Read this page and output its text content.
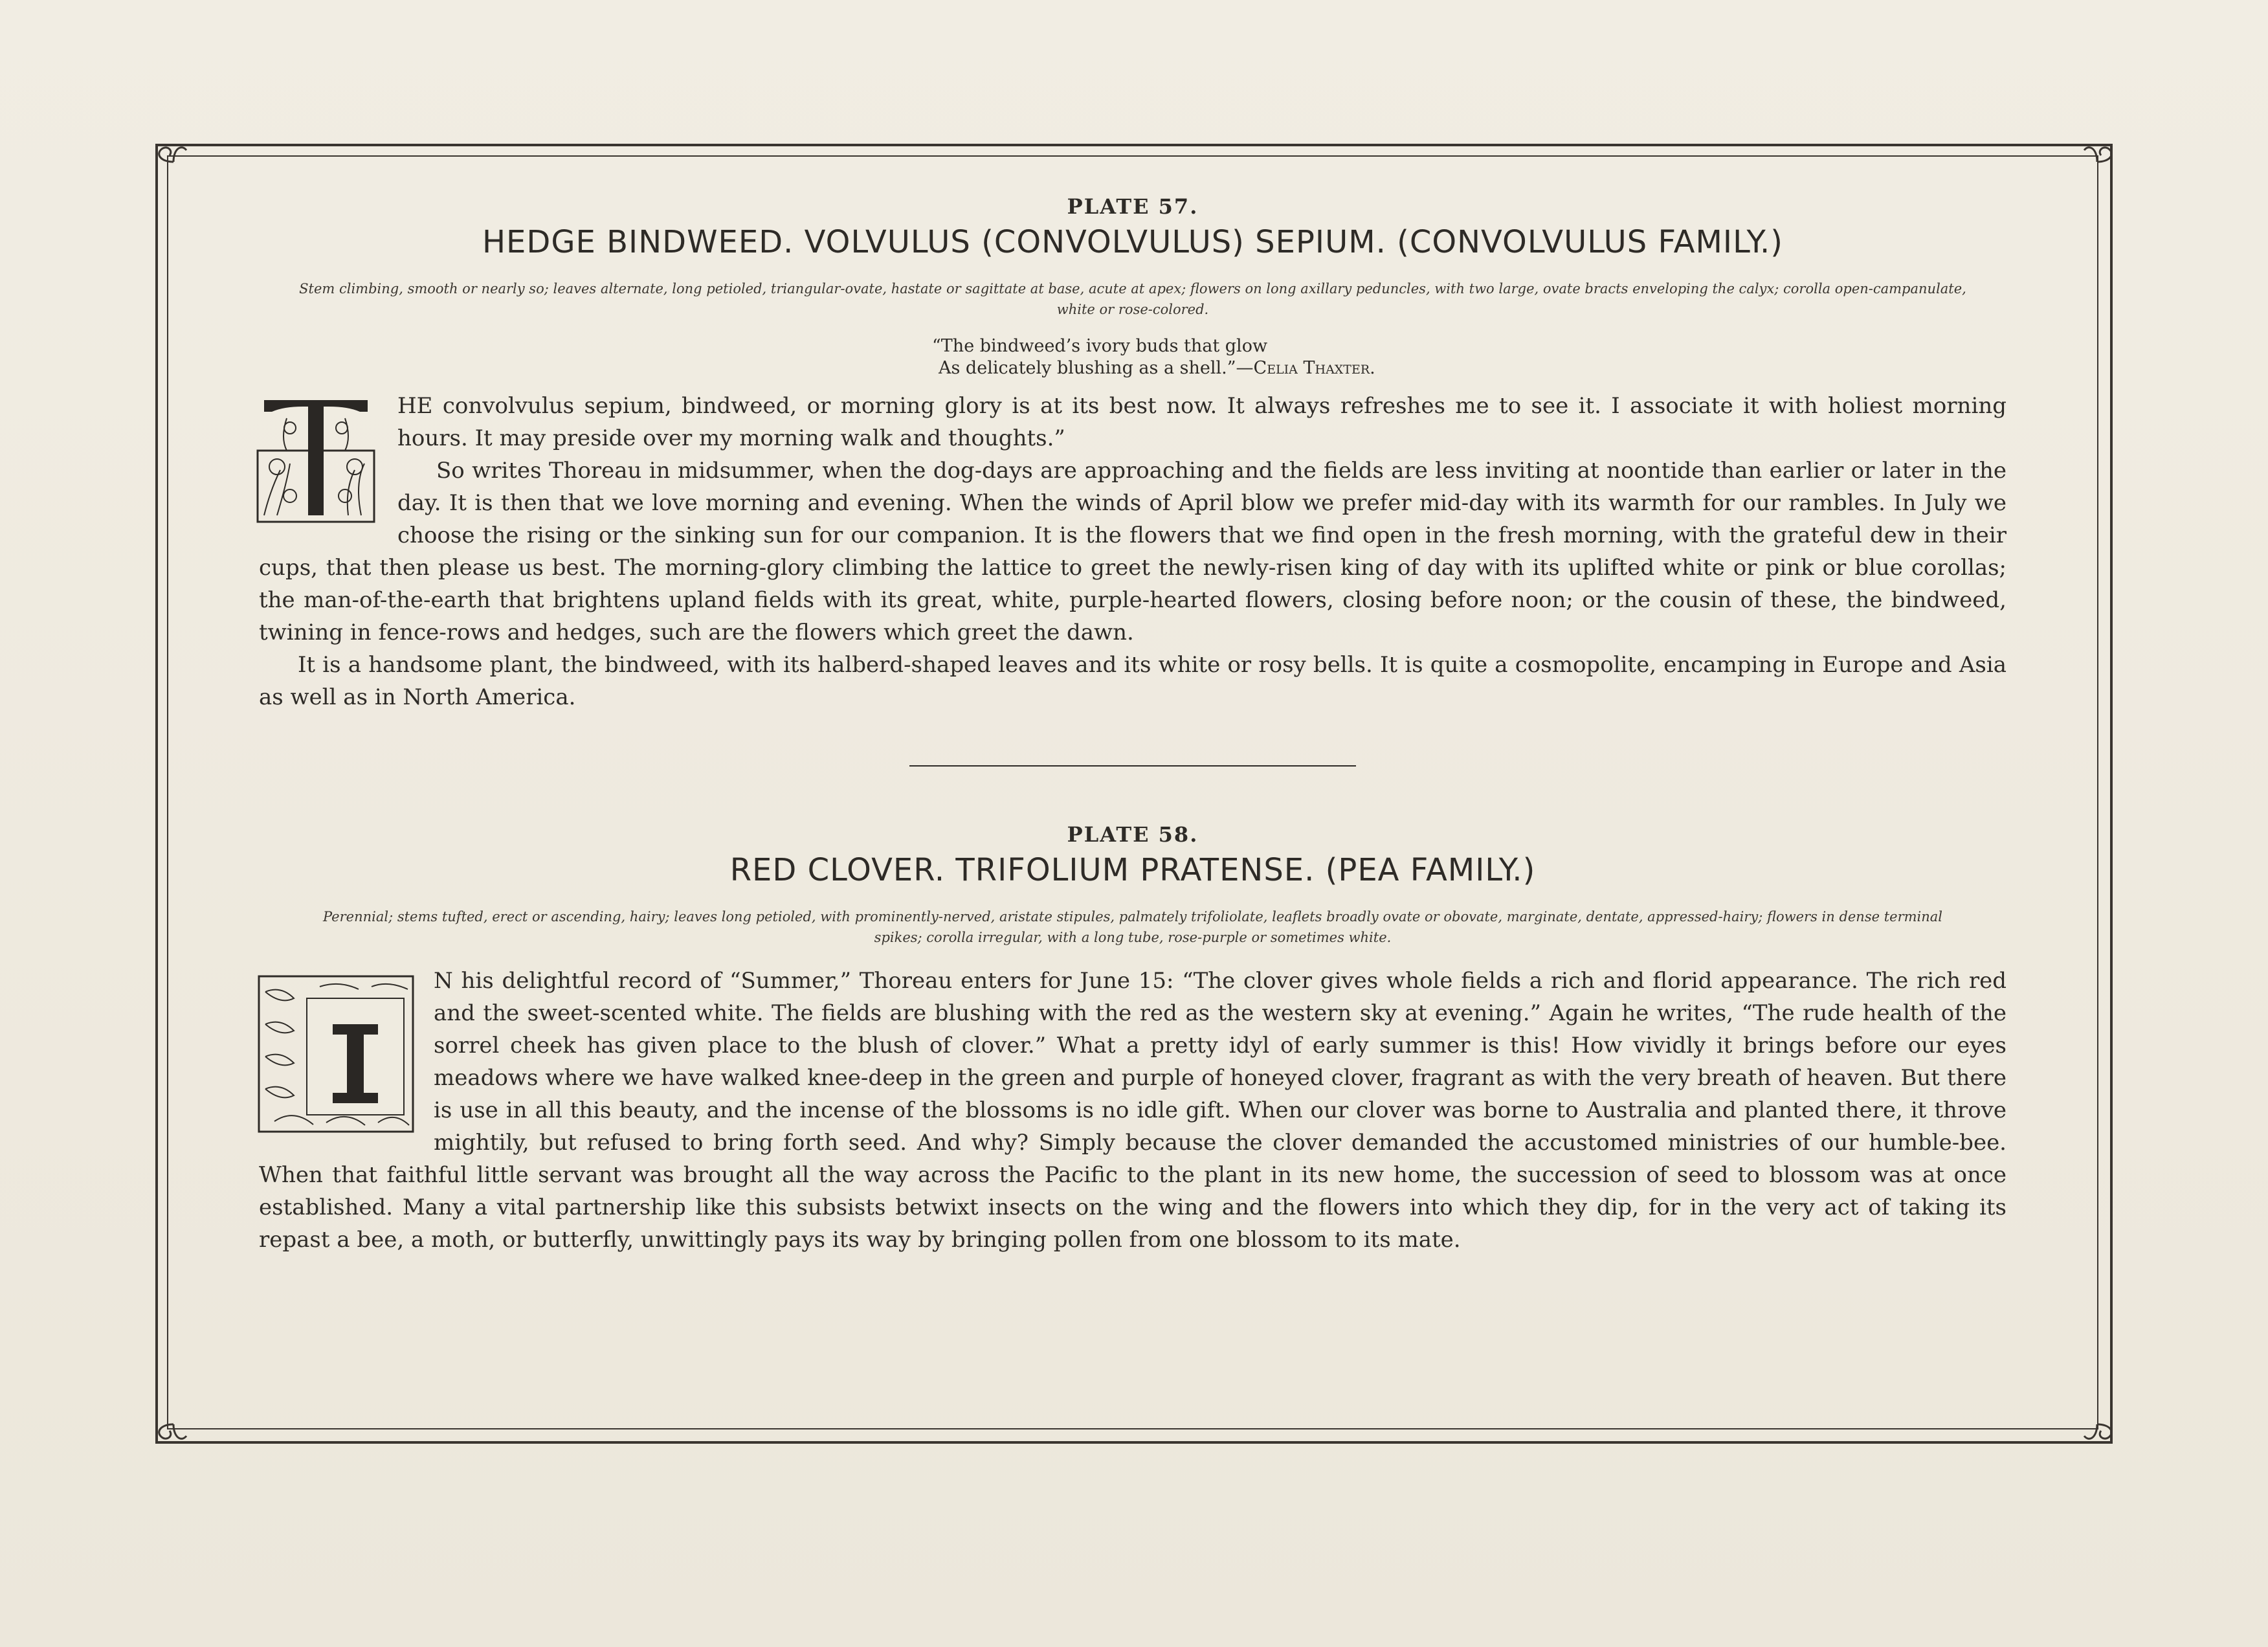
PLATE 57.
HEDGE BINDWEED. VOLVULUS (CONVOLVULUS) SEPIUM. (CONVOLVULUS FAMILY.)
Stem climbing, smooth or nearly so; leaves alternate, long petioled, triangular-ovate, hastate or sagittate at base, acute at apex; flowers on long axillary peduncles, with two large, ovate bracts enveloping the calyx; corolla open-campanulate, white or rose-colored.
“The bindweed’s ivory buds that glow
As delicately blushing as a shell.”—Celia Thaxter.

HE convolvulus sepium, bindweed, or morning glory is at its best now. It always refreshes me to see it. I associate it with holiest morning hours. It may preside over my morning walk and thoughts.”

So writes Thoreau in midsummer, when the dog-days are approaching and the fields are less inviting at noontide than earlier or later in the day. It is then that we love morning and evening. When the winds of April blow we prefer mid-day with its warmth for our rambles. In July we choose the rising or the sinking sun for our companion. It is the flowers that we find open in the fresh morning, with the grateful dew in their cups, that then please us best. The morning-glory climbing the lattice to greet the newly-risen king of day with its uplifted white or pink or blue corollas; the man-of-the-earth that brightens upland fields with its great, white, purple-hearted flowers, closing before noon; or the cousin of these, the bindweed, twining in fence-rows and hedges, such are the flowers which greet the dawn.

It is a handsome plant, the bindweed, with its halberd-shaped leaves and its white or rosy bells. It is quite a cosmopolite, encamping in Europe and Asia as well as in North America.

PLATE 58.
RED CLOVER. TRIFOLIUM PRATENSE. (PEA FAMILY.)
Perennial; stems tufted, erect or ascending, hairy; leaves long petioled, with prominently-nerved, aristate stipules, palmately trifoliolate, leaflets broadly ovate or obovate, marginate, dentate, appressed-hairy; flowers in dense terminal spikes; corolla irregular, with a long tube, rose-purple or sometimes white.

N his delightful record of “Summer,” Thoreau enters for June 15: “The clover gives whole fields a rich and florid appearance. The rich red and the sweet-scented white. The fields are blushing with the red as the western sky at evening.” Again he writes, “The rude health of the sorrel cheek has given place to the blush of clover.” What a pretty idyl of early summer is this! How vividly it brings before our eyes meadows where we have walked knee-deep in the green and purple of honeyed clover, fragrant as with the very breath of heaven. But there is use in all this beauty, and the incense of the blossoms is no idle gift. When our clover was borne to Australia and planted there, it throve mightily, but refused to bring forth seed. And why? Simply because the clover demanded the accustomed ministries of our humble-bee. When that faithful little servant was brought all the way across the Pacific to the plant in its new home, the succession of seed to blossom was at once established. Many a vital partnership like this subsists betwixt insects on the wing and the flowers into which they dip, for in the very act of taking its repast a bee, a moth, or butterfly, unwittingly pays its way by bringing pollen from one blossom to its mate.
